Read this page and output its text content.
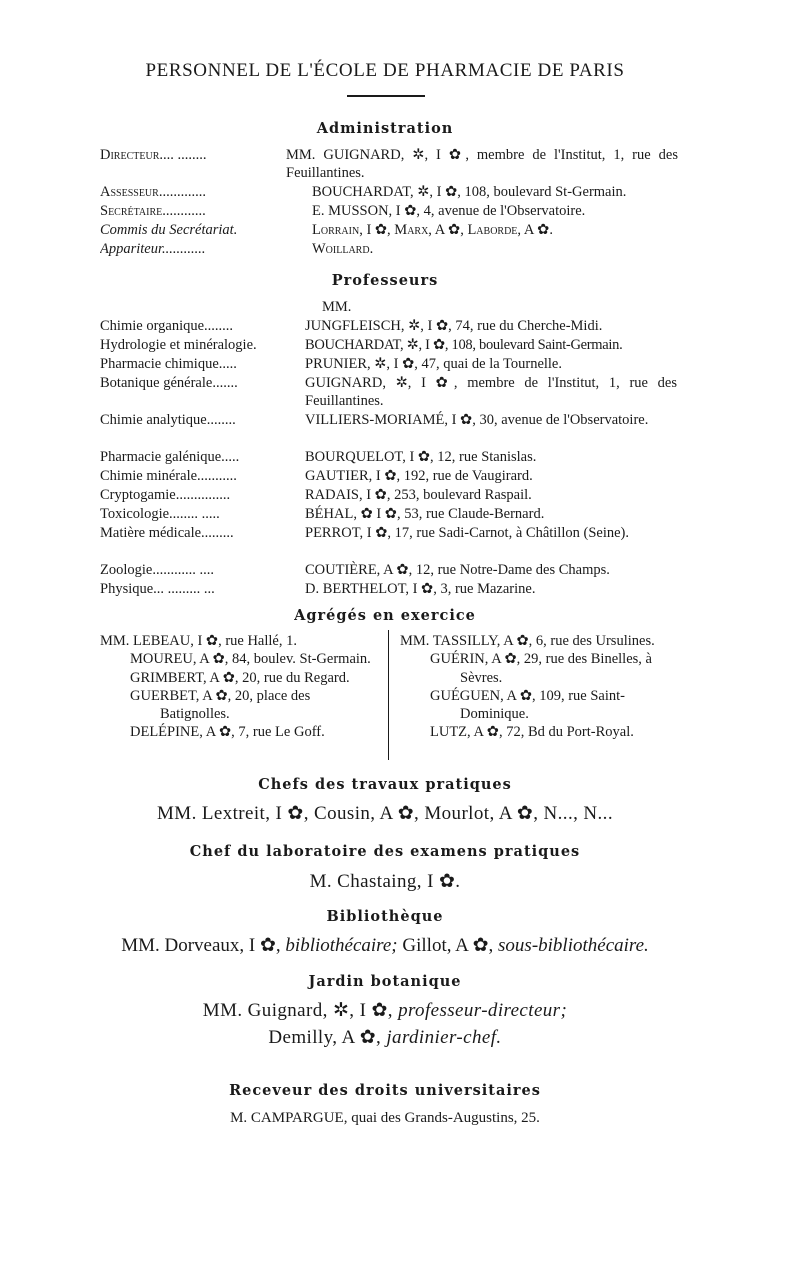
PERSONNEL DE L'ÉCOLE DE PHARMACIE DE PARIS
Administration
Directeur.... ........	MM. GUIGNARD, ✲, I ✿, membre de l'Institut, 1, rue des Feuillantines.
Assesseur.............	BOUCHARDAT, ✲, I ✿, 108, boulevard St-Germain.
Secrétaire............	E. MUSSON, I ✿, 4, avenue de l'Observatoire.
Commis du Secrétariat.	Lorrain, I ✿, Marx, A ✿, Laborde, A ✿.
Appariteur............	Woillard.
Professeurs
MM.
Chimie organique........	JUNGFLEISCH, ✲, I ✿, 74, rue du Cherche-Midi.
Hydrologie et minéralogie.	BOUCHARDAT, ✲, I ✿, 108, boulevard Saint-Germain.
Pharmacie chimique.....	PRUNIER, ✲, I ✿, 47, quai de la Tournelle.
Botanique générale.......	GUIGNARD, ✲, I ✿, membre de l'Institut, 1, rue des Feuillantines.
Chimie analytique........	VILLIERS-MORIAMÉ, I ✿, 30, avenue de l'Observatoire.
Pharmacie galénique.....	BOURQUELOT, I ✿, 12, rue Stanislas.
Chimie minérale...........	GAUTIER, I ✿, 192, rue de Vaugirard.
Cryptogamie...............	RADAIS, I ✿, 253, boulevard Raspail.
Toxicologie........ .....	BÉHAL, ✿ I ✿, 53, rue Claude-Bernard.
Matière médicale.........	PERROT, I ✿, 17, rue Sadi-Carnot, à Châtillon (Seine).
Zoologie............ ....	COUTIÈRE, A ✿, 12, rue Notre-Dame des Champs.
Physique... ......... ...	D. BERTHELOT, I ✿, 3, rue Mazarine.
Agrégés en exercice
MM. LEBEAU, I ✿, rue Hallé, 1.
MOUREU, A ✿, 84, boulev. St-Germain.
GRIMBERT, A ✿, 20, rue du Regard.
GUERBET, A ✿, 20, place des Batignolles.
DELÉPINE, A ✿, 7, rue Le Goff.
MM. TASSILLY, A ✿, 6, rue des Ursulines.
GUÉRIN, A ✿, 29, rue des Binelles, à Sèvres.
GUÉGUEN, A ✿, 109, rue Saint-Dominique.
LUTZ, A ✿, 72, Bd du Port-Royal.
Chefs des travaux pratiques
MM. Lextreit, I ✿, Cousin, A ✿, Mourlot, A ✿, N..., N...
Chef du laboratoire des examens pratiques
M. Chastaing, I ✿.
Bibliothèque
MM. Dorveaux, I ✿, bibliothécaire; Gillot, A ✿, sous-bibliothécaire.
Jardin botanique
MM. Guignard, ✲, I ✿, professeur-directeur;
Demilly, A ✿, jardinier-chef.
Receveur des droits universitaires
M. CAMPARGUE, quai des Grands-Augustins, 25.
